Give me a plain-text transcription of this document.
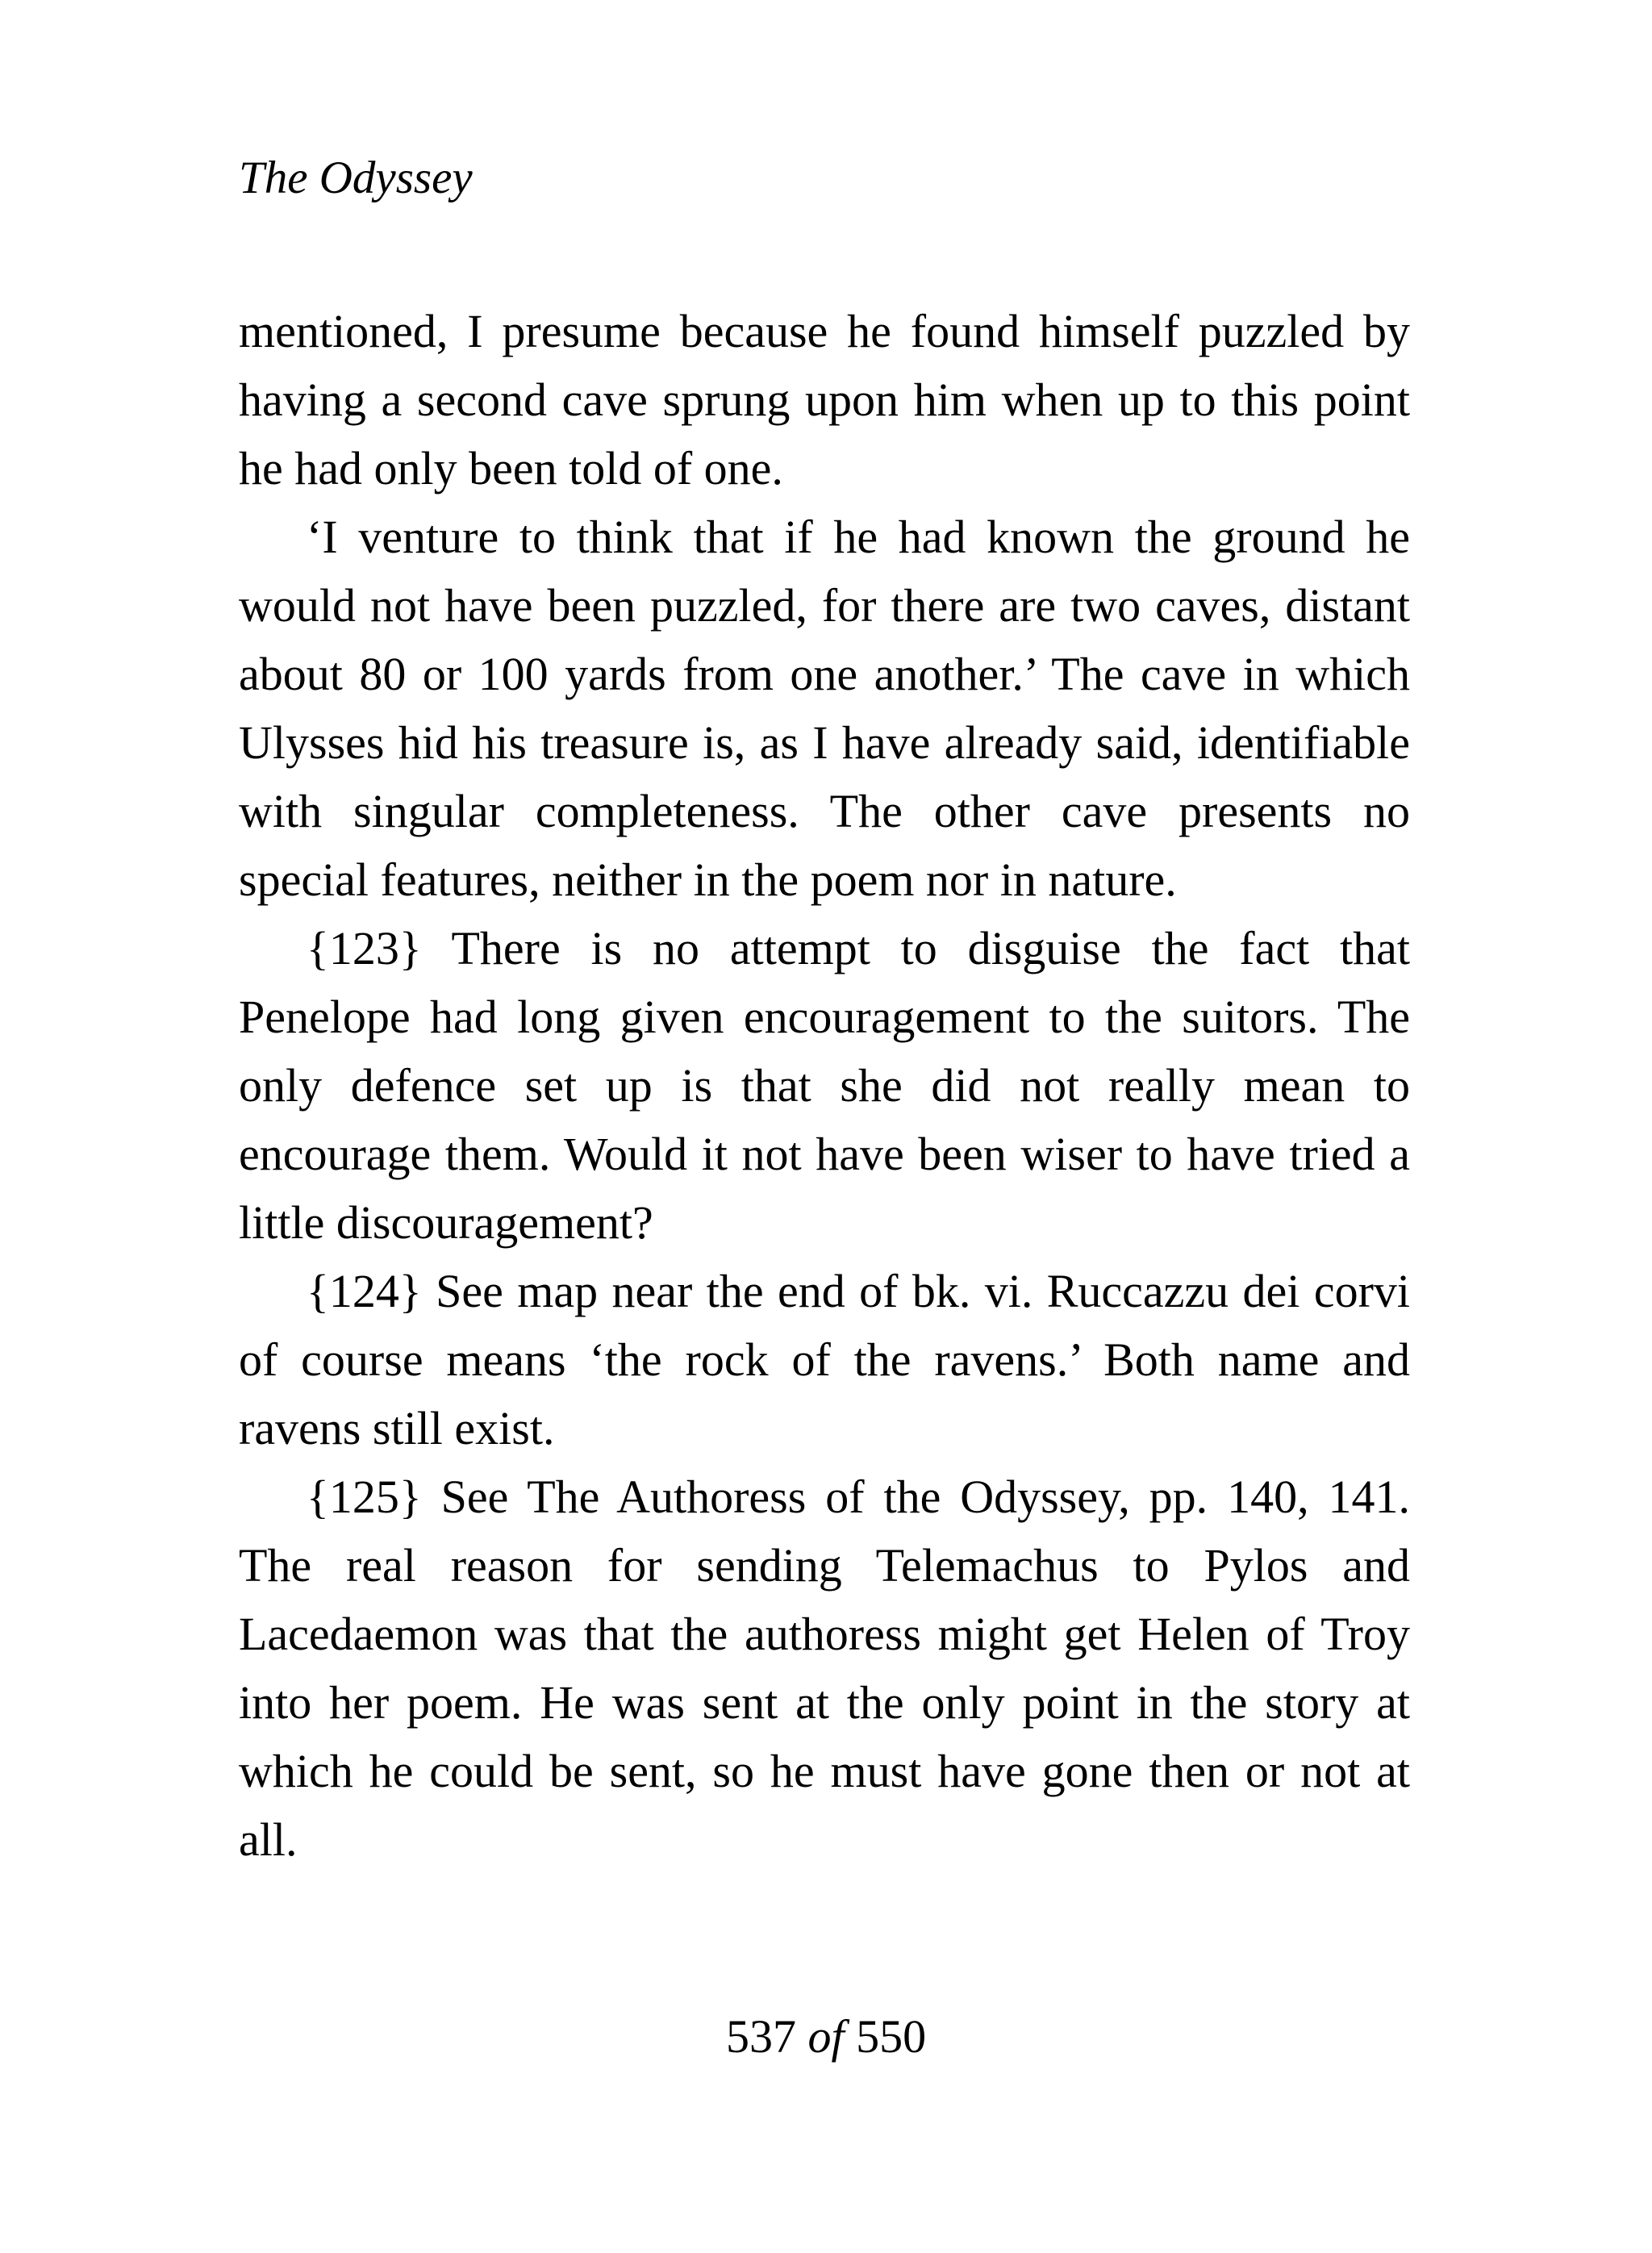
The Odyssey

mentioned, I presume because he found himself puzzled by having a second cave sprung upon him when up to this point he had only been told of one.

‘I venture to think that if he had known the ground he would not have been puzzled, for there are two caves, distant about 80 or 100 yards from one another.’ The cave in which Ulysses hid his treasure is, as I have already said, identifiable with singular completeness. The other cave presents no special features, neither in the poem nor in nature.

{123} There is no attempt to disguise the fact that Penelope had long given encouragement to the suitors. The only defence set up is that she did not really mean to encourage them. Would it not have been wiser to have tried a little discouragement?

{124} See map near the end of bk. vi. Ruccazzu dei corvi of course means ‘the rock of the ravens.’ Both name and ravens still exist.

{125} See The Authoress of the Odyssey, pp. 140, 141. The real reason for sending Telemachus to Pylos and Lacedaemon was that the authoress might get Helen of Troy into her poem. He was sent at the only point in the story at which he could be sent, so he must have gone then or not at all.

537 of 550
